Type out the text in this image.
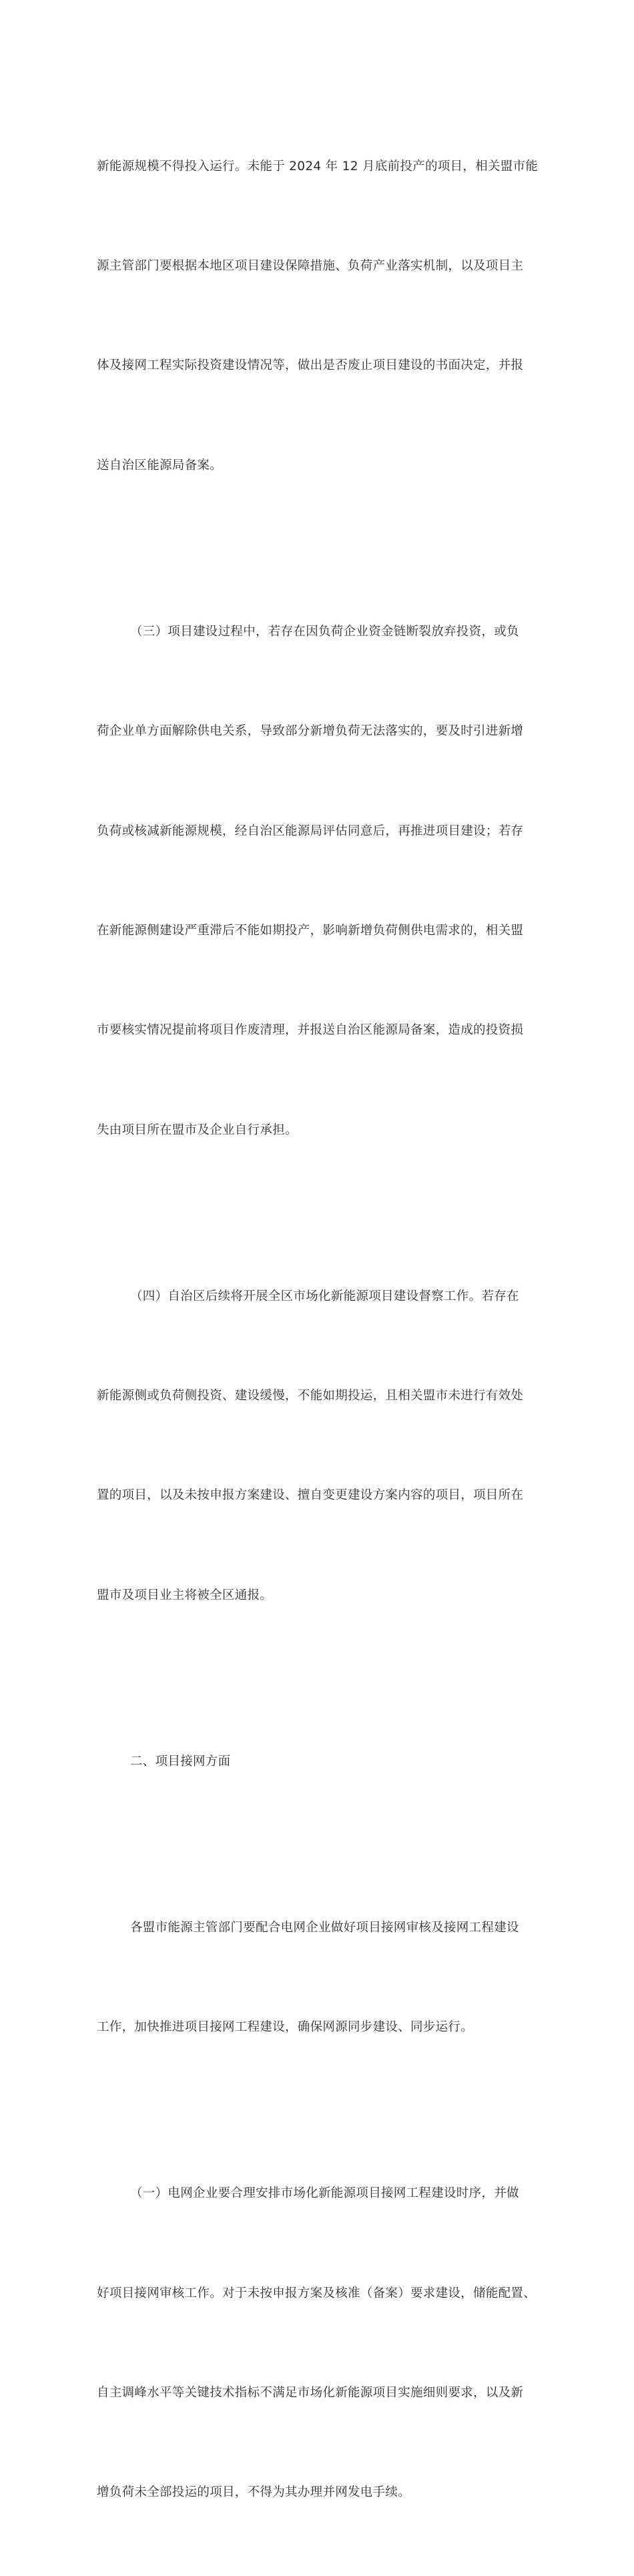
新能源规模不得投入运行。未能于 2024 年 12 月底前投产的项目，相关盟市能

源主管部门要根据本地区项目建设保障措施、负荷产业落实机制，以及项目主

体及接网工程实际投资建设情况等，做出是否废止项目建设的书面决定，并报

送自治区能源局备案。

（三）项目建设过程中，若存在因负荷企业资金链断裂放弃投资，或负

荷企业单方面解除供电关系，导致部分新增负荷无法落实的，要及时引进新增

负荷或核减新能源规模，经自治区能源局评估同意后，再推进项目建设；若存

在新能源侧建设严重滞后不能如期投产，影响新增负荷侧供电需求的，相关盟

市要核实情况提前将项目作废清理，并报送自治区能源局备案，造成的投资损

失由项目所在盟市及企业自行承担。

（四）自治区后续将开展全区市场化新能源项目建设督察工作。若存在

新能源侧或负荷侧投资、建设缓慢，不能如期投运，且相关盟市未进行有效处

置的项目，以及未按申报方案建设、擅自变更建设方案内容的项目，项目所在

盟市及项目业主将被全区通报。

二、项目接网方面

各盟市能源主管部门要配合电网企业做好项目接网审核及接网工程建设

工作，加快推进项目接网工程建设，确保网源同步建设、同步运行。

（一）电网企业要合理安排市场化新能源项目接网工程建设时序，并做

好项目接网审核工作。对于未按申报方案及核准（备案）要求建设，储能配置、

自主调峰水平等关键技术指标不满足市场化新能源项目实施细则要求，以及新

增负荷未全部投运的项目，不得为其办理并网发电手续。
